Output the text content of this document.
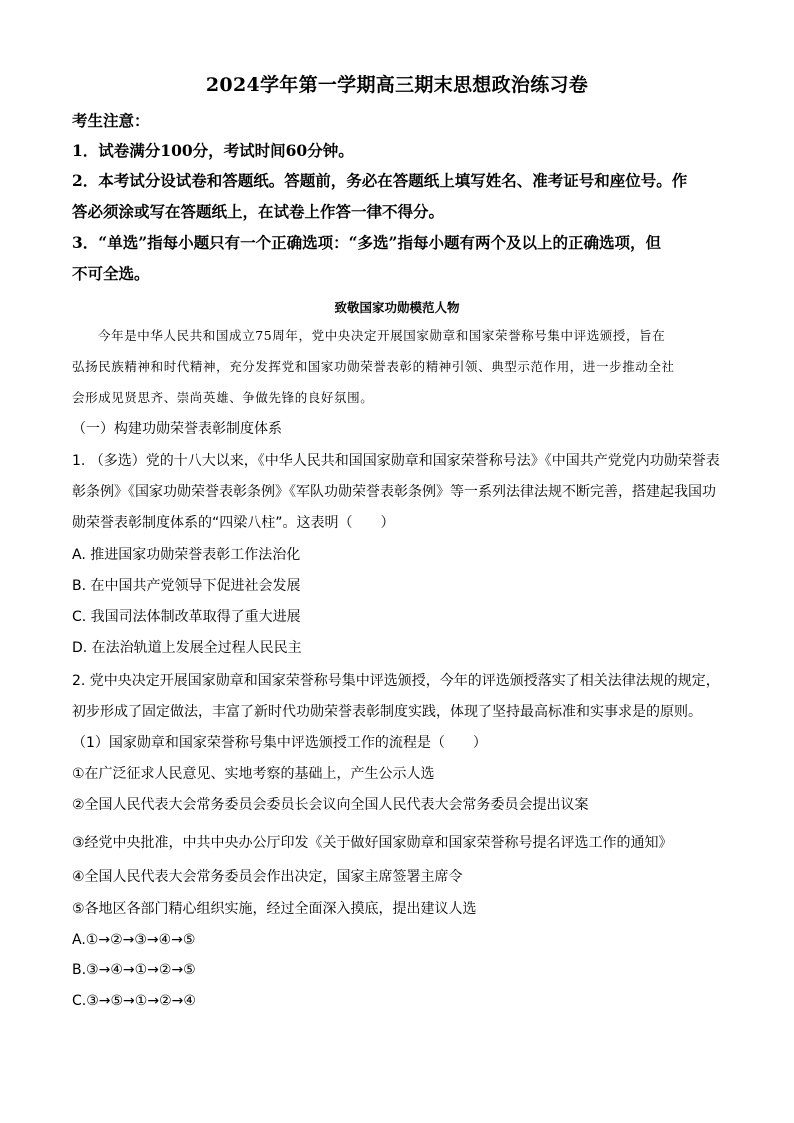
2024学年第一学期高三期末思想政治练习卷
考生注意：
1．试卷满分100分，考试时间60分钟。
2．本考试分设试卷和答题纸。答题前，务必在答题纸上填写姓名、准考证号和座位号。作
答必须涂或写在答题纸上，在试卷上作答一律不得分。
3．“单选”指每小题只有一个正确选项：“多选”指每小题有两个及以上的正确选项，但
不可全选。
致敬国家功勋模范人物
今年是中华人民共和国成立75周年，党中央决定开展国家勋章和国家荣誉称号集中评选颁授，旨在
弘扬民族精神和时代精神，充分发挥党和国家功勋荣誉表彰的精神引领、典型示范作用，进一步推动全社
会形成见贤思齐、崇尚英雄、争做先锋的良好氛围。
（一）构建功勋荣誉表彰制度体系
1. （多选）党的十八大以来，《中华人民共和国国家勋章和国家荣誉称号法》《中国共产党党内功勋荣誉表
彰条例》《国家功勋荣誉表彰条例》《军队功勋荣誉表彰条例》等一系列法律法规不断完善，搭建起我国功
勋荣誉表彰制度体系的“四梁八柱”。这表明（　　）
A. 推进国家功勋荣誉表彰工作法治化
B. 在中国共产党领导下促进社会发展
C. 我国司法体制改革取得了重大进展
D. 在法治轨道上发展全过程人民民主
2. 党中央决定开展国家勋章和国家荣誉称号集中评选颁授，今年的评选颁授落实了相关法律法规的规定，
初步形成了固定做法，丰富了新时代功勋荣誉表彰制度实践，体现了坚持最高标准和实事求是的原则。
（1）国家勋章和国家荣誉称号集中评选颁授工作的流程是（　　）
①在广泛征求人民意见、实地考察的基础上，产生公示人选
②全国人民代表大会常务委员会委员长会议向全国人民代表大会常务委员会提出议案
③经党中央批准，中共中央办公厅印发《关于做好国家勋章和国家荣誉称号提名评选工作的通知》
④全国人民代表大会常务委员会作出决定，国家主席签署主席令
⑤各地区各部门精心组织实施，经过全面深入摸底，提出建议人选
A.①→②→③→④→⑤
B.③→④→①→②→⑤
C.③→⑤→①→②→④
